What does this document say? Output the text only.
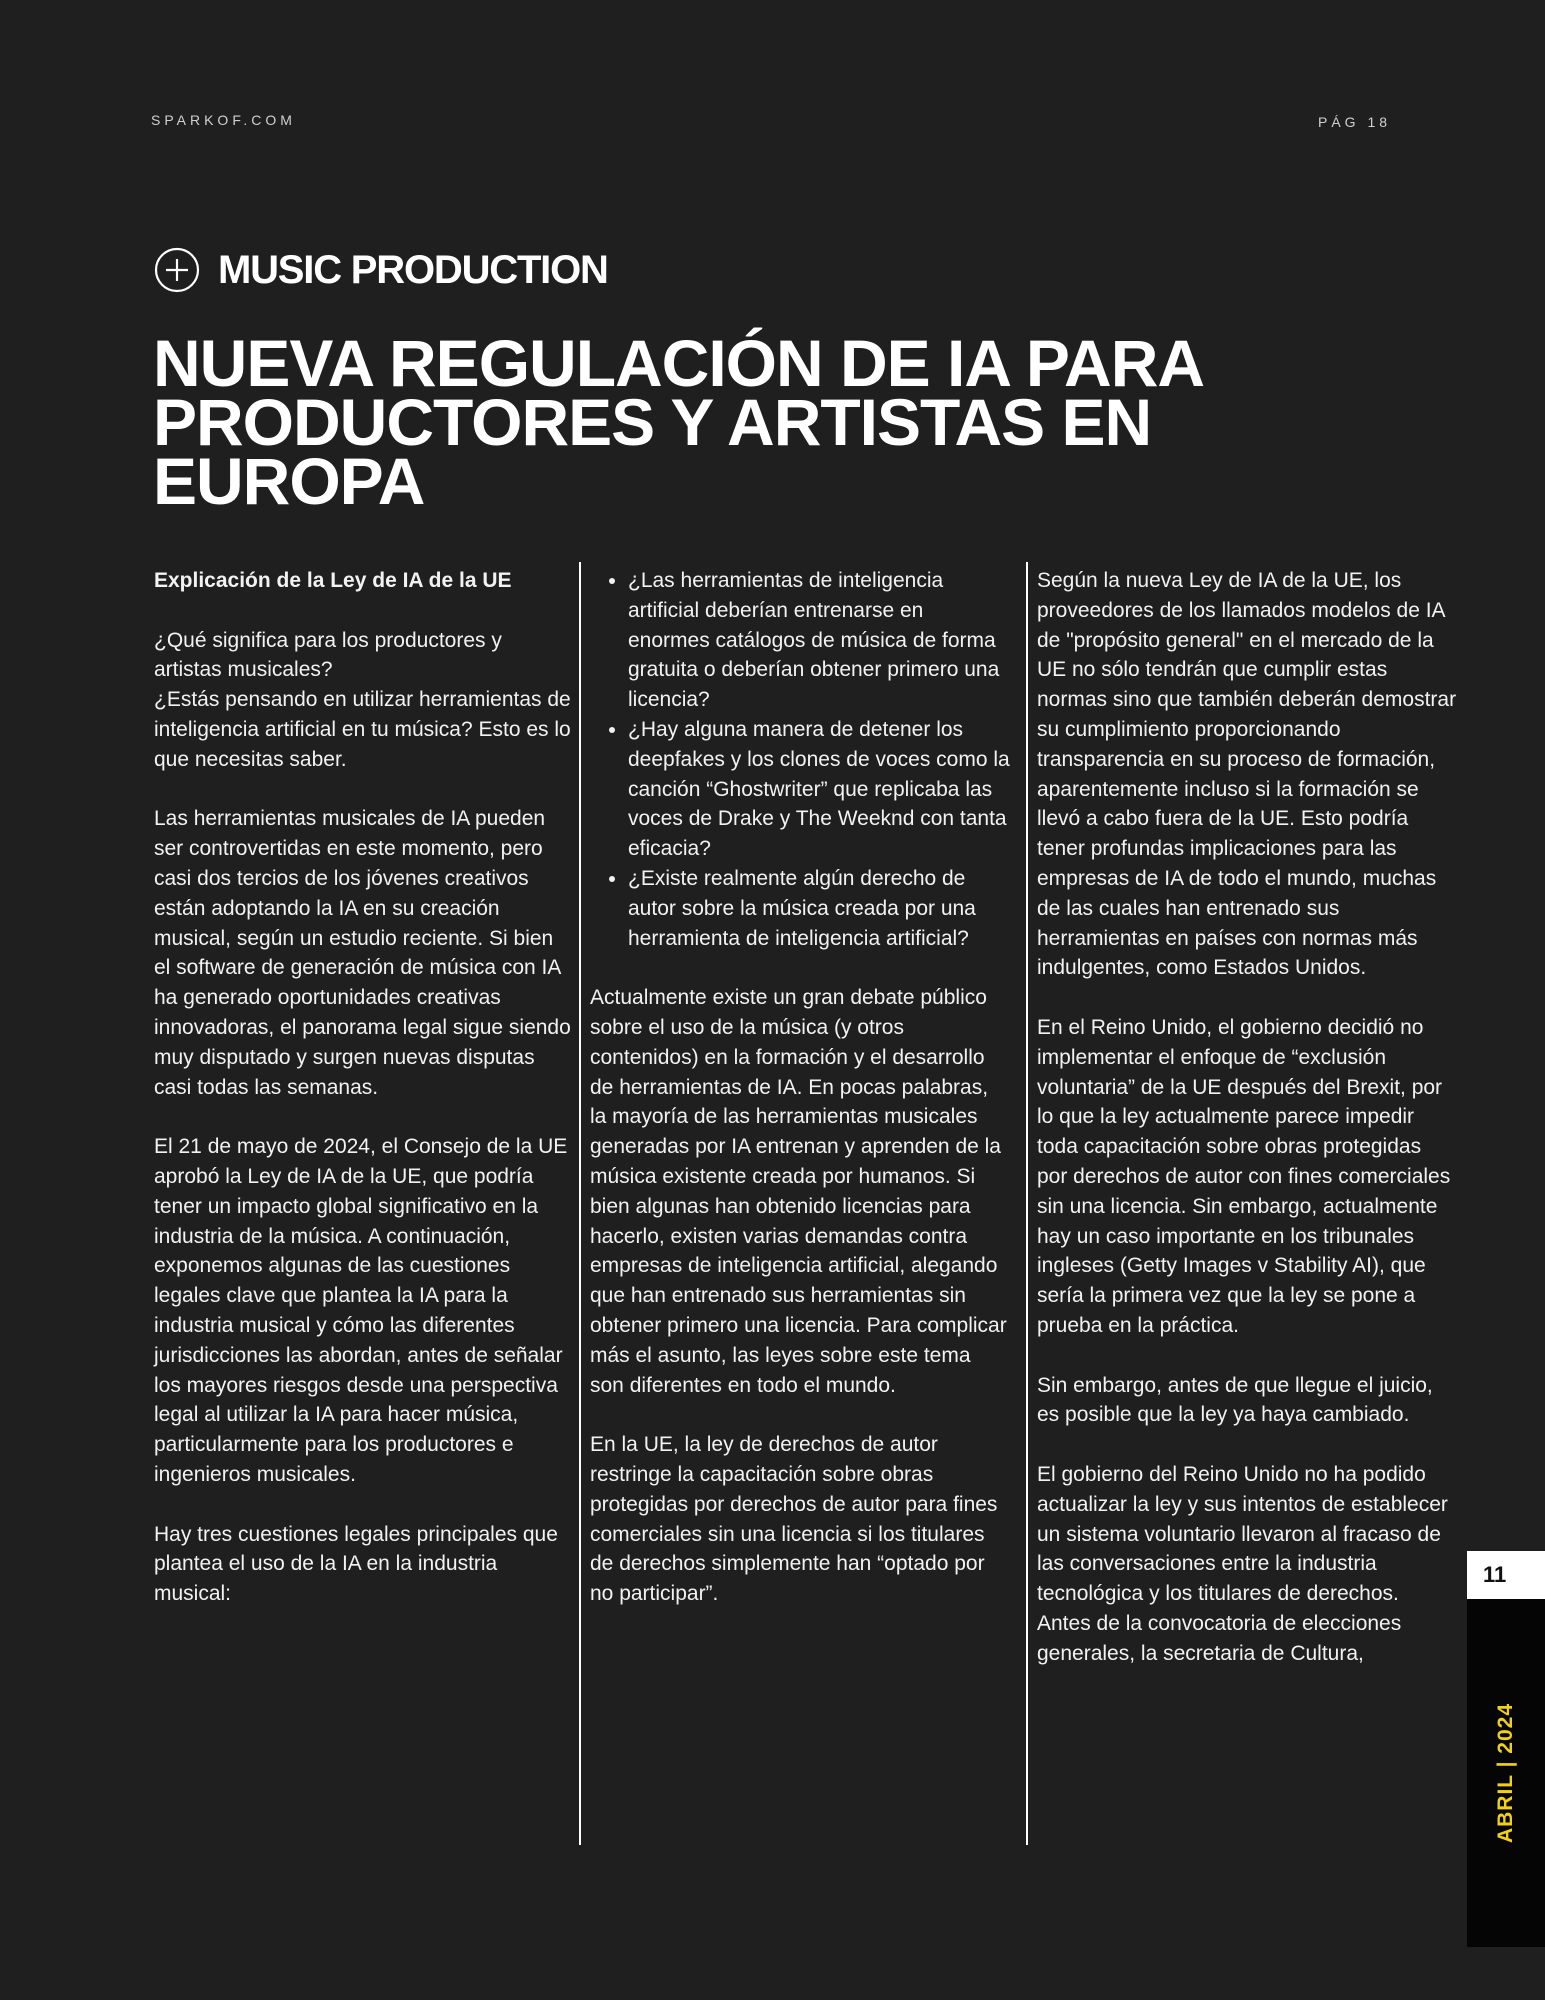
SPARKOF.COM	PÁG 18
MUSIC PRODUCTION
NUEVA REGULACIÓN DE IA PARA PRODUCTORES Y ARTISTAS EN EUROPA

Explicación de la Ley de IA de la UE

¿Qué significa para los productores y artistas musicales?
¿Estás pensando en utilizar herramientas de inteligencia artificial en tu música? Esto es lo que necesitas saber.

Las herramientas musicales de IA pueden ser controvertidas en este momento, pero casi dos tercios de los jóvenes creativos están adoptando la IA en su creación musical, según un estudio reciente. Si bien el software de generación de música con IA ha generado oportunidades creativas innovadoras, el panorama legal sigue siendo muy disputado y surgen nuevas disputas casi todas las semanas.

El 21 de mayo de 2024, el Consejo de la UE aprobó la Ley de IA de la UE, que podría tener un impacto global significativo en la industria de la música. A continuación, exponemos algunas de las cuestiones legales clave que plantea la IA para la industria musical y cómo las diferentes jurisdicciones las abordan, antes de señalar los mayores riesgos desde una perspectiva legal al utilizar la IA para hacer música, particularmente para los productores e ingenieros musicales.

Hay tres cuestiones legales principales que plantea el uso de la IA en la industria musical:

• ¿Las herramientas de inteligencia artificial deberían entrenarse en enormes catálogos de música de forma gratuita o deberían obtener primero una licencia?
• ¿Hay alguna manera de detener los deepfakes y los clones de voces como la canción “Ghostwriter” que replicaba las voces de Drake y The Weeknd con tanta eficacia?
• ¿Existe realmente algún derecho de autor sobre la música creada por una herramienta de inteligencia artificial?

Actualmente existe un gran debate público sobre el uso de la música (y otros contenidos) en la formación y el desarrollo de herramientas de IA. En pocas palabras, la mayoría de las herramientas musicales generadas por IA entrenan y aprenden de la música existente creada por humanos. Si bien algunas han obtenido licencias para hacerlo, existen varias demandas contra empresas de inteligencia artificial, alegando que han entrenado sus herramientas sin obtener primero una licencia. Para complicar más el asunto, las leyes sobre este tema son diferentes en todo el mundo.

En la UE, la ley de derechos de autor restringe la capacitación sobre obras protegidas por derechos de autor para fines comerciales sin una licencia si los titulares de derechos simplemente han “optado por no participar”.

Según la nueva Ley de IA de la UE, los proveedores de los llamados modelos de IA de "propósito general" en el mercado de la UE no sólo tendrán que cumplir estas normas sino que también deberán demostrar su cumplimiento proporcionando transparencia en su proceso de formación, aparentemente incluso si la formación se llevó a cabo fuera de la UE. Esto podría tener profundas implicaciones para las empresas de IA de todo el mundo, muchas de las cuales han entrenado sus herramientas en países con normas más indulgentes, como Estados Unidos.

En el Reino Unido, el gobierno decidió no implementar el enfoque de “exclusión voluntaria” de la UE después del Brexit, por lo que la ley actualmente parece impedir toda capacitación sobre obras protegidas por derechos de autor con fines comerciales sin una licencia. Sin embargo, actualmente hay un caso importante en los tribunales ingleses (Getty Images v Stability AI), que sería la primera vez que la ley se pone a prueba en la práctica.

Sin embargo, antes de que llegue el juicio, es posible que la ley ya haya cambiado.

El gobierno del Reino Unido no ha podido actualizar la ley y sus intentos de establecer un sistema voluntario llevaron al fracaso de las conversaciones entre la industria tecnológica y los titulares de derechos. Antes de la convocatoria de elecciones generales, la secretaria de Cultura,

11
ABRIL | 2024
